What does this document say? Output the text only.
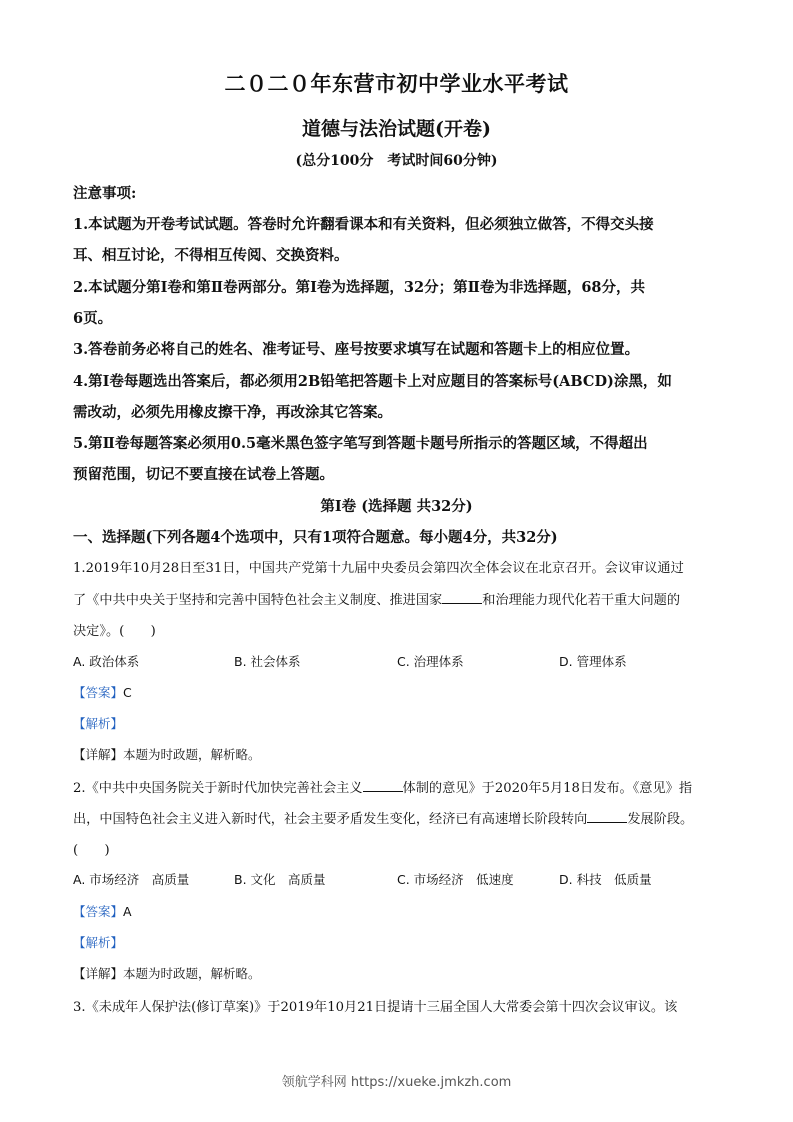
二０二０年东营市初中学业水平考试
道德与法治试题(开卷)
(总分100分　考试时间60分钟)
注意事项:
1.本试题为开卷考试试题。答卷时允许翻看课本和有关资料，但必须独立做答，不得交头接
耳、相互讨论，不得相互传阅、交换资料。
2.本试题分第Ⅰ卷和第Ⅱ卷两部分。第Ⅰ卷为选择题，32分；第Ⅱ卷为非选择题，68分，共
6页。
3.答卷前务必将自己的姓名、准考证号、座号按要求填写在试题和答题卡上的相应位置。
4.第Ⅰ卷每题选出答案后，都必须用2B铅笔把答题卡上对应题目的答案标号(ABCD)涂黑，如
需改动，必须先用橡皮擦干净，再改涂其它答案。
5.第Ⅱ卷每题答案必须用0.5毫米黑色签字笔写到答题卡题号所指示的答题区域，不得超出
预留范围，切记不要直接在试卷上答题。
第Ⅰ卷 (选择题 共32分)
一、选择题(下列各题4个选项中，只有1项符合题意。每小题4分，共32分)
1.2019年10月28日至31日，中国共产党第十九届中央委员会第四次全体会议在北京召开。会议审议通过
了《中共中央关于坚持和完善中国特色社会主义制度、推进国家	和治理能力现代化若干重大问题的
决定》。(　　)
A. 政治体系	B. 社会体系	C. 治理体系	D. 管理体系
【答案】C
【解析】
【详解】本题为时政题，解析略。
2.《中共中央国务院关于新时代加快完善社会主义	体制的意见》于2020年5月18日发布。《意见》指
出，中国特色社会主义进入新时代，社会主要矛盾发生变化，经济已有高速增长阶段转向	发展阶段。
(　　)
A. 市场经济　高质量	B. 文化　高质量	C. 市场经济　低速度	D. 科技　低质量
【答案】A
【解析】
【详解】本题为时政题，解析略。
3.《未成年人保护法(修订草案)》于2019年10月21日提请十三届全国人大常委会第十四次会议审议。该
领航学科网 https://xueke.jmkzh.com
